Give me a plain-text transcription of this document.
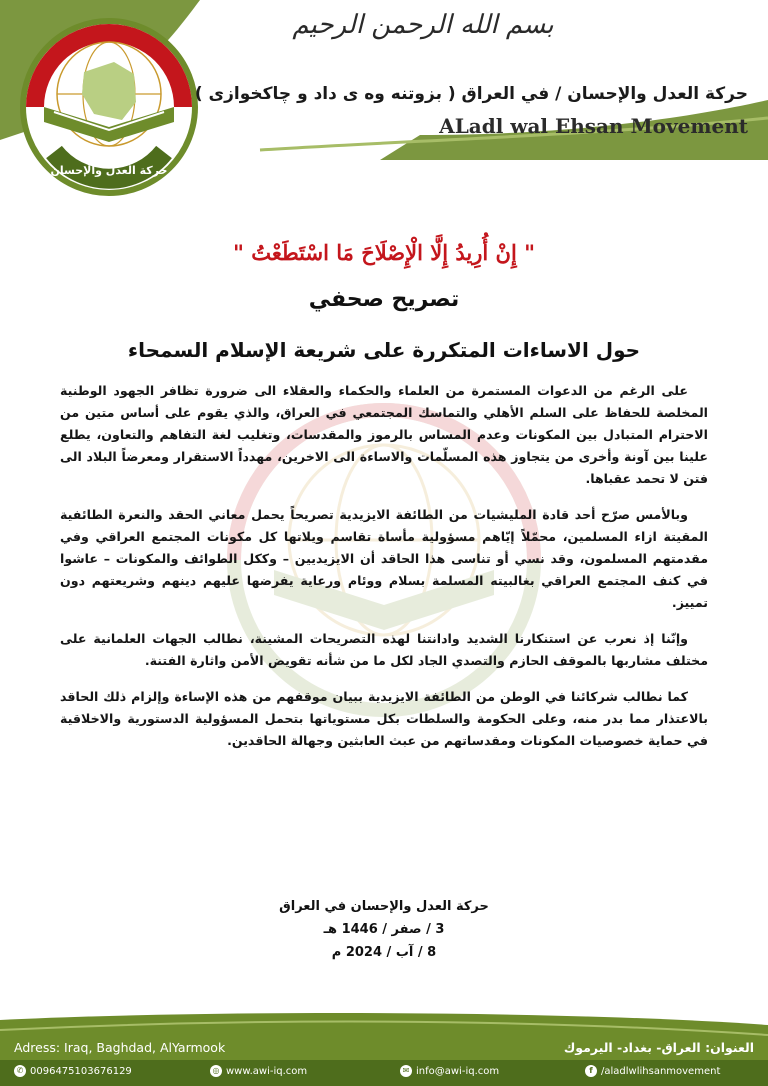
حركة العدل والإحسان
بسم الله الرحمن الرحيم
حركة العدل والإحسان / في العراق ( بزوتنه وه ى داد و چاكخوازى )
ALadl wal Ehsan Movement
" إِنْ أُرِيدُ إِلَّا الْإِصْلَاحَ مَا اسْتَطَعْتُ "
تصريح صحفي
حول الاساءات المتكررة على شريعة الإسلام السمحاء

على الرغم من الدعوات المستمرة من العلماء والحكماء والعقلاء الى ضرورة تظافر الجهود الوطنية المخلصة للحفاظ على السلم الأهلي والتماسك المجتمعي في العراق، والذي يقوم على أساس متين من الاحترام المتبادل بين المكونات وعدم المساس بالرموز والمقدسات، وتغليب لغة التفاهم والتعاون، يطلع علينا بين آونة وأخرى من يتجاوز هذه المسلّمات والاساءة الى الاخرين، مهدداً الاستقرار ومعرضاً البلاد الى فتن لا تحمد عقباها.

وبالأمس صرّح أحد قادة المليشيات من الطائفة الايزيدية تصريحاً يحمل معاني الحقد والنعرة الطائفية المقيتة ازاء المسلمين، محمّلاً إيّاهم مسؤولية مأساة تقاسم ويلاتها كل مكونات المجتمع العراقي وفي مقدمتهم المسلمون، وقد نسي أو تناسى هذا الحاقد أن الايزيديين – وككل الطوائف والمكونات – عاشوا في كنف المجتمع العراقي بغالبيته المسلمة بسلام ووئام ورعاية يفرضها عليهم دينهم وشريعتهم دون تمييز.

وإنّنا إذ نعرب عن استنكارنا الشديد وادانتنا لهذه التصريحات المشينة، نطالب الجهات العلمانية على مختلف مشاربها بالموقف الحازم والتصدي الجاد لكل ما من شأنه تقويض الأمن واثارة الفتنة.

كما نطالب شركائنا في الوطن من الطائفة الايزيدية ببيان موقفهم من هذه الإساءة وإلزام ذلك الحاقد بالاعتذار مما بدر منه، وعلى الحكومة والسلطات بكل مستوياتها بتحمل المسؤولية الدستورية والاخلاقية في حماية خصوصيات المكونات ومقدساتهم من عبث العابثين وجهالة الحاقدين.

حركة العدل والإحسان في العراق
3 / صفر / 1446 هـ
8 / آب / 2024 م
Adress: Iraq, Baghdad, AlYarmook	العنوان: العراق- بغداد- اليرموك
✆ 009647510367612​9	◎ www.awi-iq.com	✉ info@awi-iq.com	f /aladlwlihsanmovement
